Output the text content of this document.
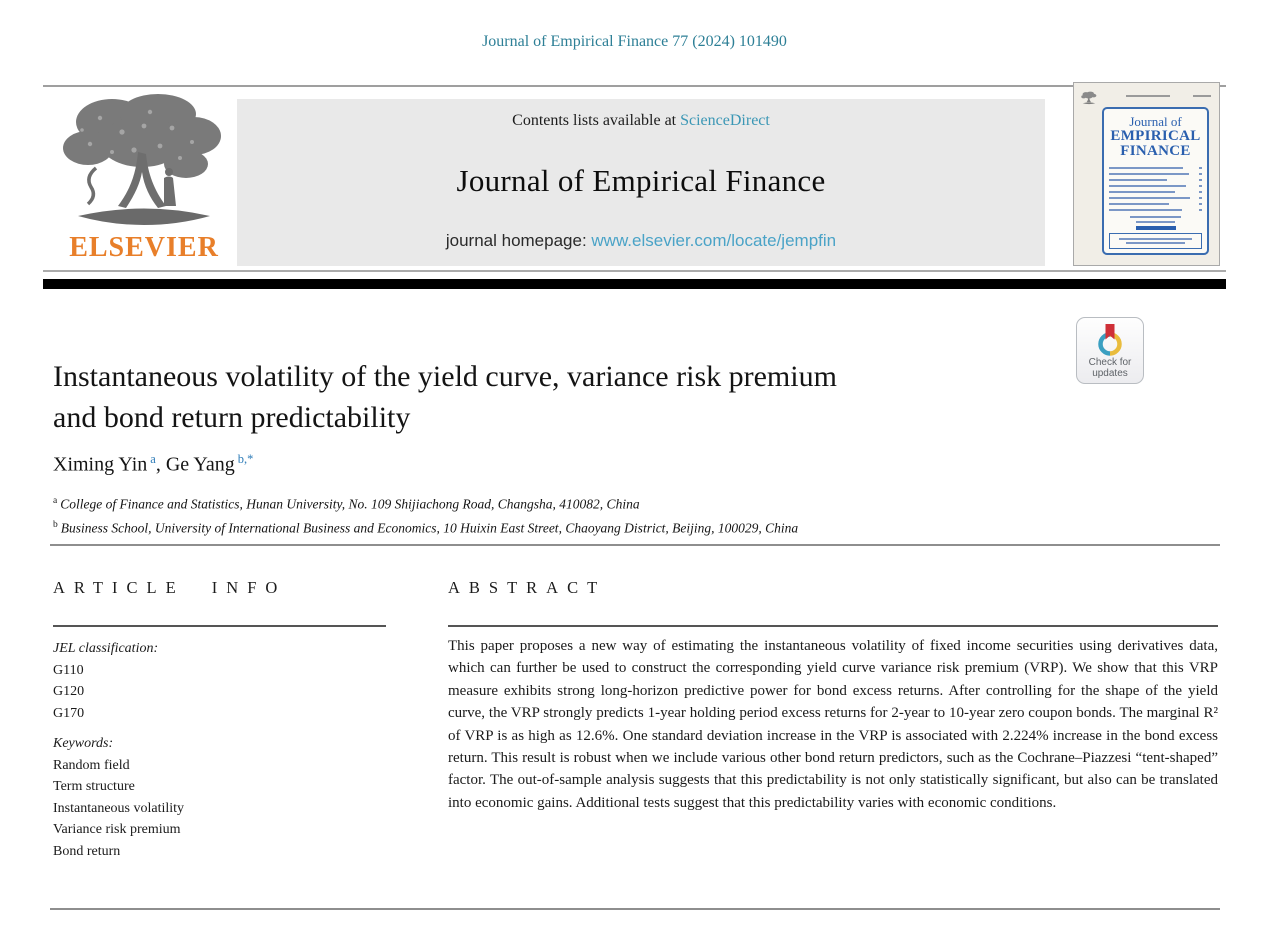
Journal of Empirical Finance 77 (2024) 101490
ELSEVIER
Contents lists available at ScienceDirect
Journal of Empirical Finance
journal homepage: www.elsevier.com/locate/jempfin
Journal of
EMPIRICAL
FINANCE
Check for
updates
Instantaneous volatility of the yield curve, variance risk premium
and bond return predictability
Ximing Yin $^a$, Ge Yang $^{b,*}$
$^a$ College of Finance and Statistics, Hunan University, No. 109 Shijiachong Road, Changsha, 410082, China
$^b$ Business School, University of International Business and Economics, 10 Huixin East Street, Chaoyang District, Beijing, 100029, China
ARTICLE INFO
JEL classification:
G110
G120
G170
Keywords:
Random field
Term structure
Instantaneous volatility
Variance risk premium
Bond return
ABSTRACT

This paper proposes a new way of estimating the instantaneous volatility of fixed income securities using derivatives data, which can further be used to construct the corresponding yield curve variance risk premium (VRP). We show that this VRP measure exhibits strong long-horizon predictive power for bond excess returns. After controlling for the shape of the yield curve, the VRP strongly predicts 1-year holding period excess returns for 2-year to 10-year zero coupon bonds. The marginal R² of VRP is as high as 12.6%. One standard deviation increase in the VRP is associated with 2.224% increase in the bond excess return. This result is robust when we include various other bond return predictors, such as the Cochrane–Piazzesi “tent-shaped” factor. The out-of-sample analysis suggests that this predictability is not only statistically significant, but also can be translated into economic gains. Additional tests suggest that this predictability varies with economic conditions.
